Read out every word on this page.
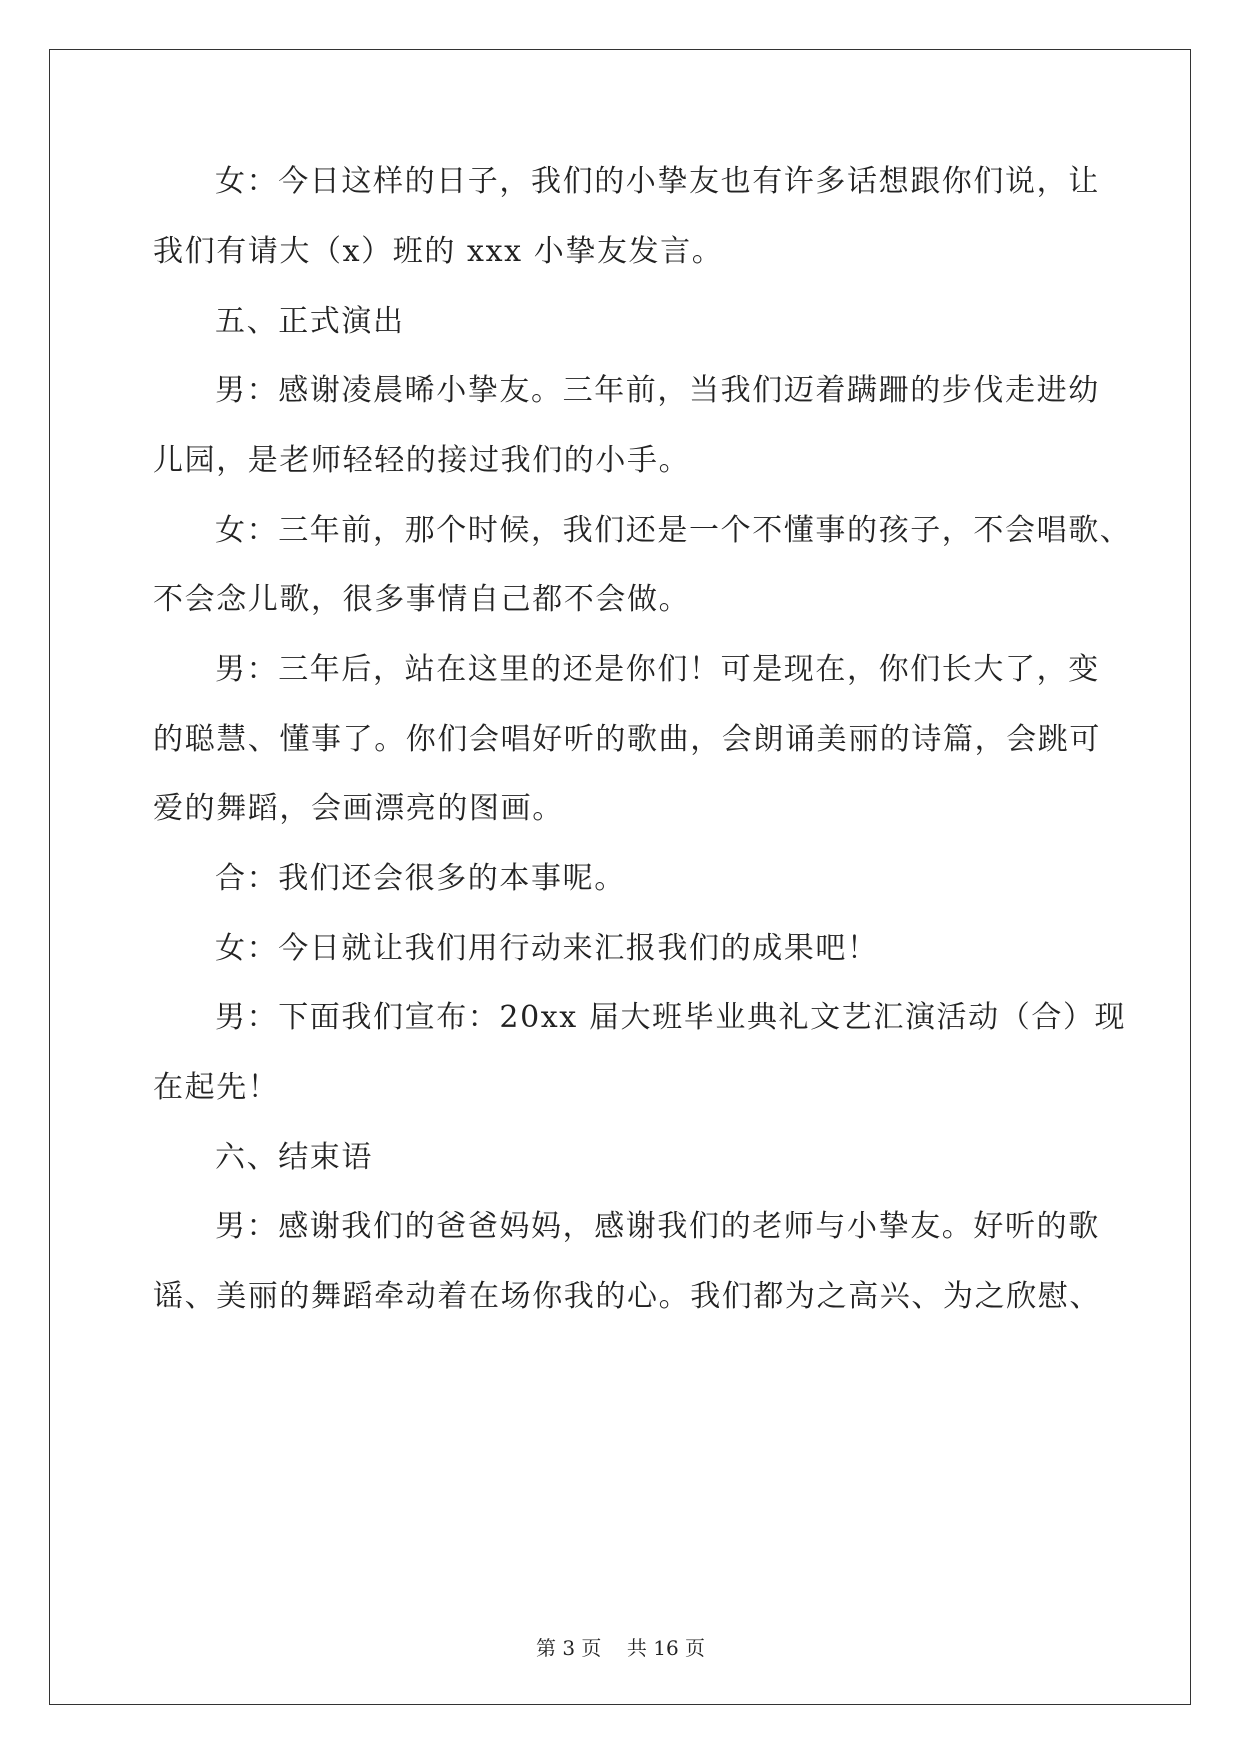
女：今日这样的日子，我们的小挚友也有许多话想跟你们说，让
我们有请大（x）班的 xxx 小挚友发言。
五、正式演出
男：感谢凌晨晞小挚友。三年前，当我们迈着蹒跚的步伐走进幼
儿园，是老师轻轻的接过我们的小手。
女：三年前，那个时候，我们还是一个不懂事的孩子，不会唱歌、
不会念儿歌，很多事情自己都不会做。
男：三年后，站在这里的还是你们！可是现在，你们长大了，变
的聪慧、懂事了。你们会唱好听的歌曲，会朗诵美丽的诗篇，会跳可
爱的舞蹈，会画漂亮的图画。
合：我们还会很多的本事呢。
女：今日就让我们用行动来汇报我们的成果吧！
男：下面我们宣布：20xx 届大班毕业典礼文艺汇演活动（合）现
在起先！
六、结束语
男：感谢我们的爸爸妈妈，感谢我们的老师与小挚友。好听的歌
谣、美丽的舞蹈牵动着在场你我的心。我们都为之高兴、为之欣慰、
第 3 页 共 16 页
